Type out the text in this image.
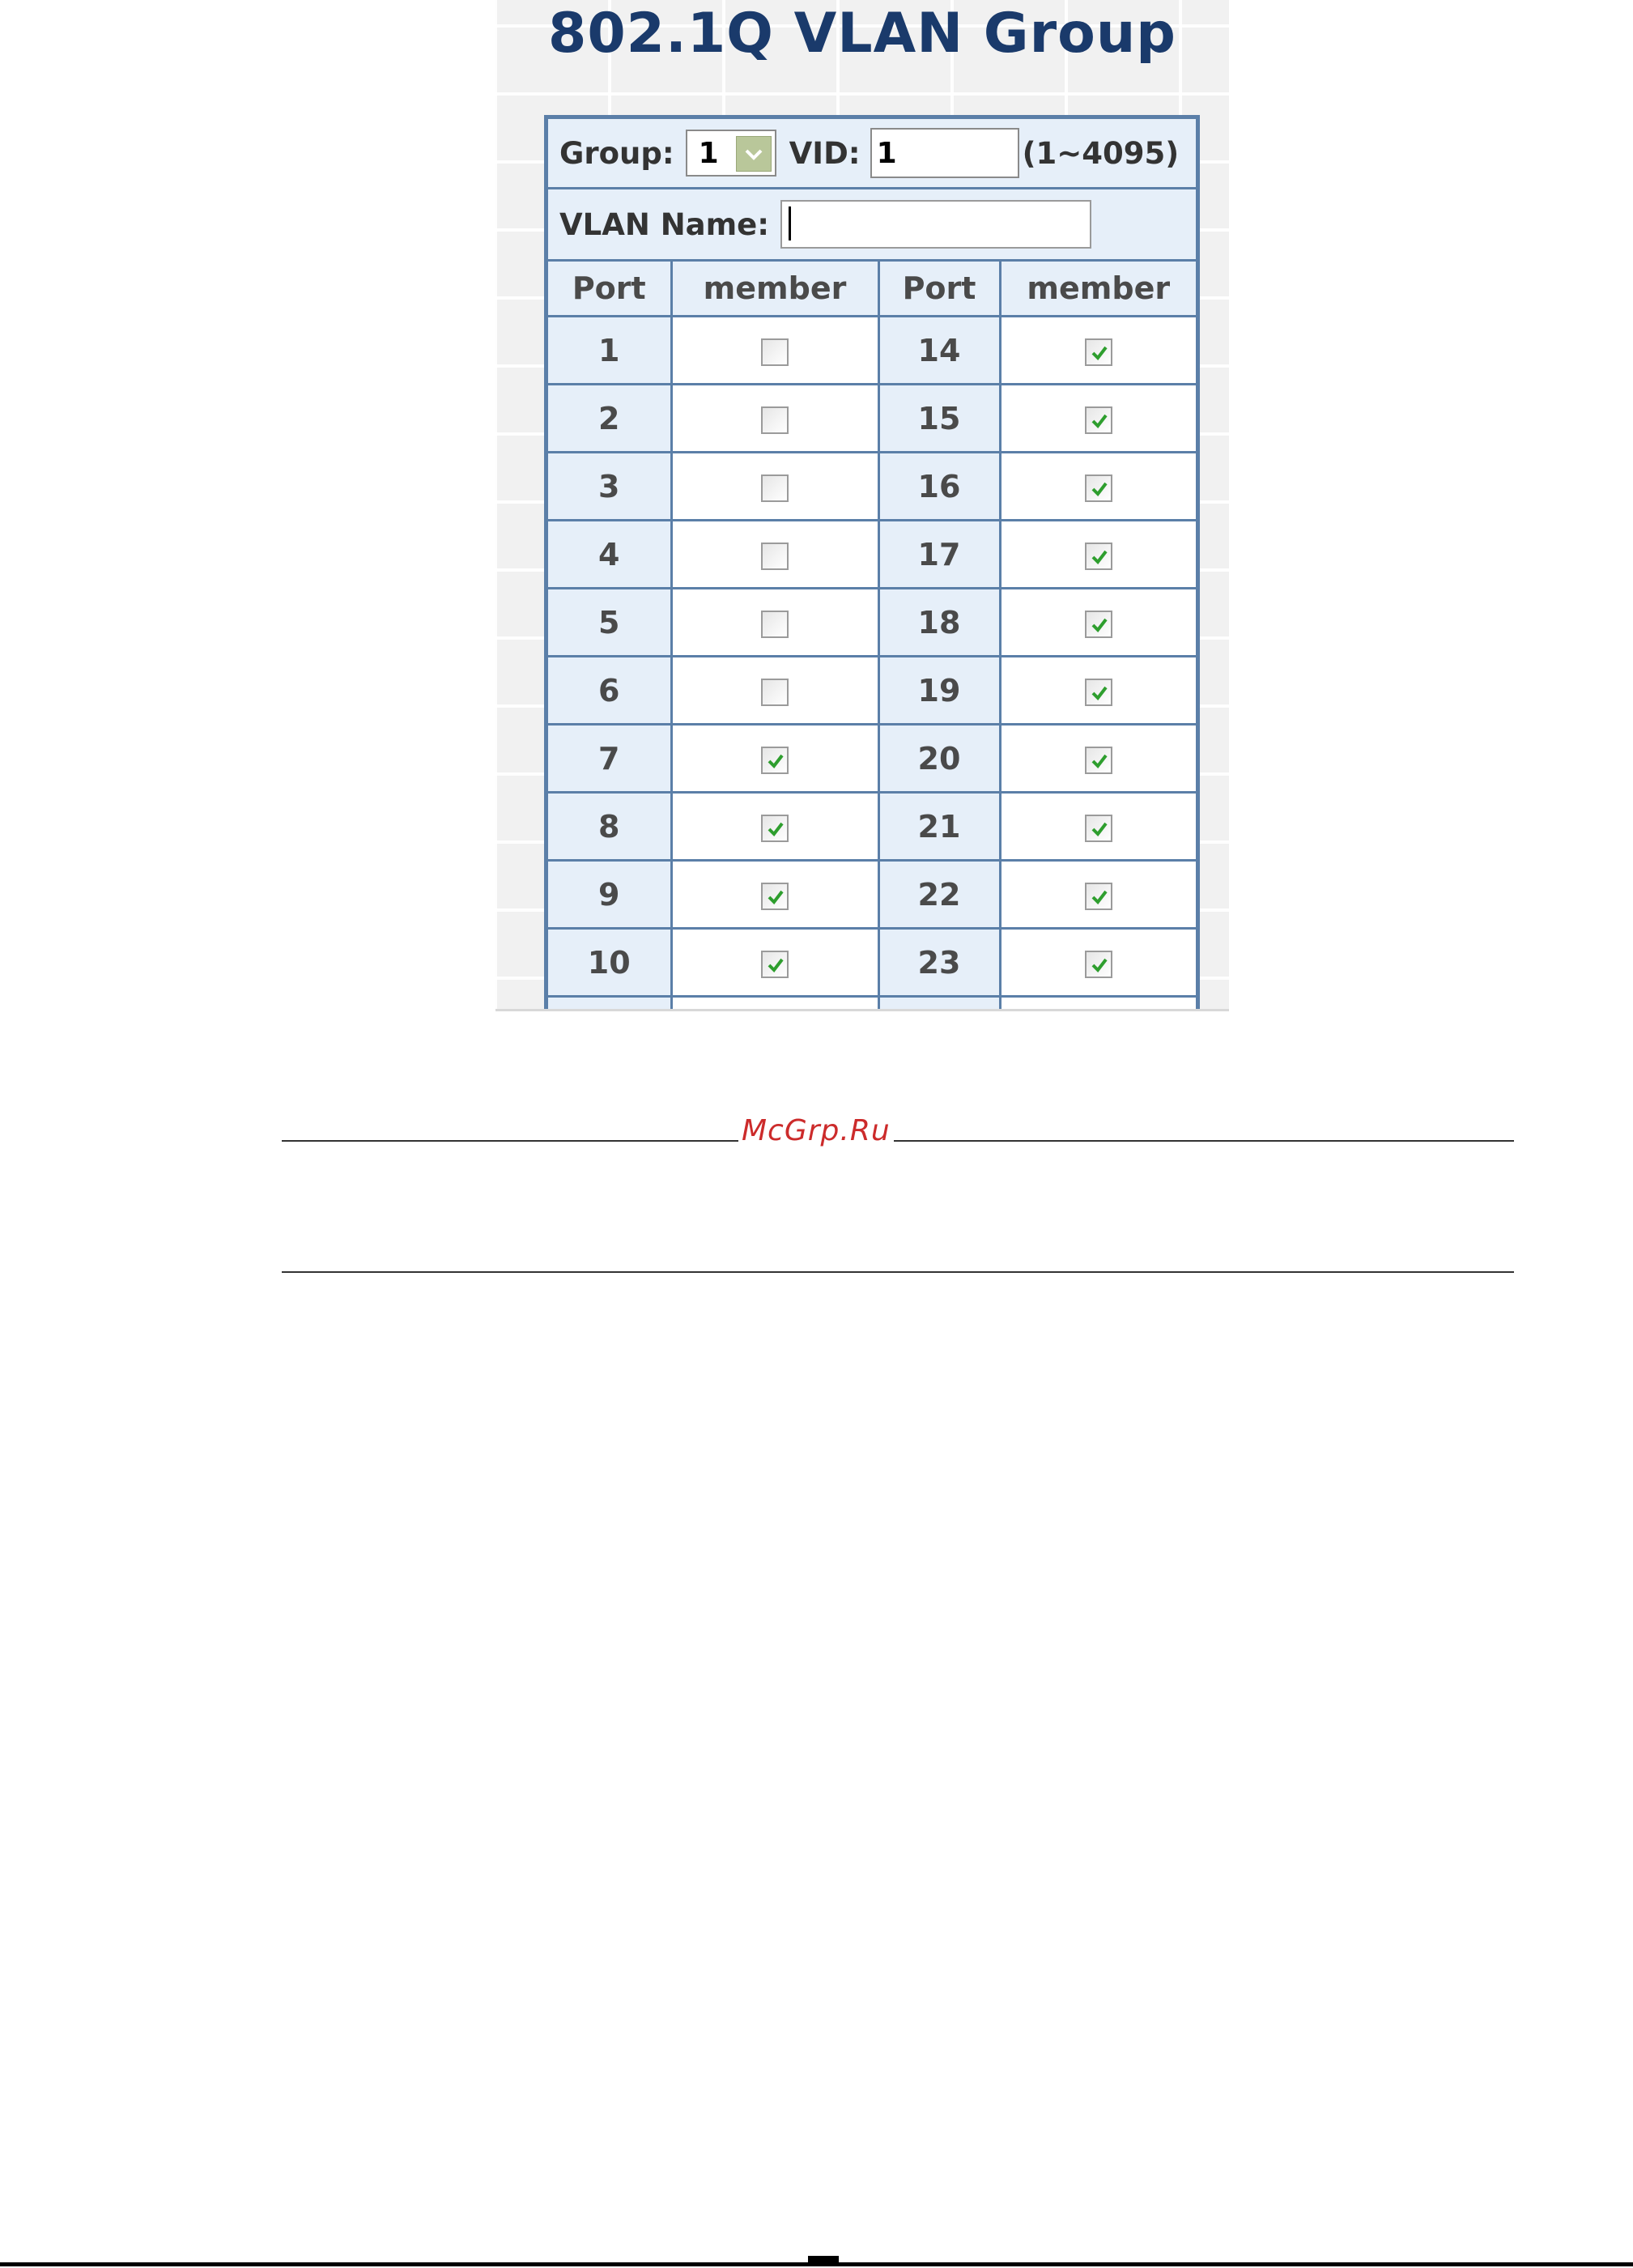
802.1Q VLAN Group
Group: 1 VID:
1	(1~4095)
VLAN Name:
Port	member	Port	member
1		14	

2		15	

3		16	

4		17	

5		18	

6		19	

7		20	

8		21	

9		22	

10		23	

McGrp.Ru
